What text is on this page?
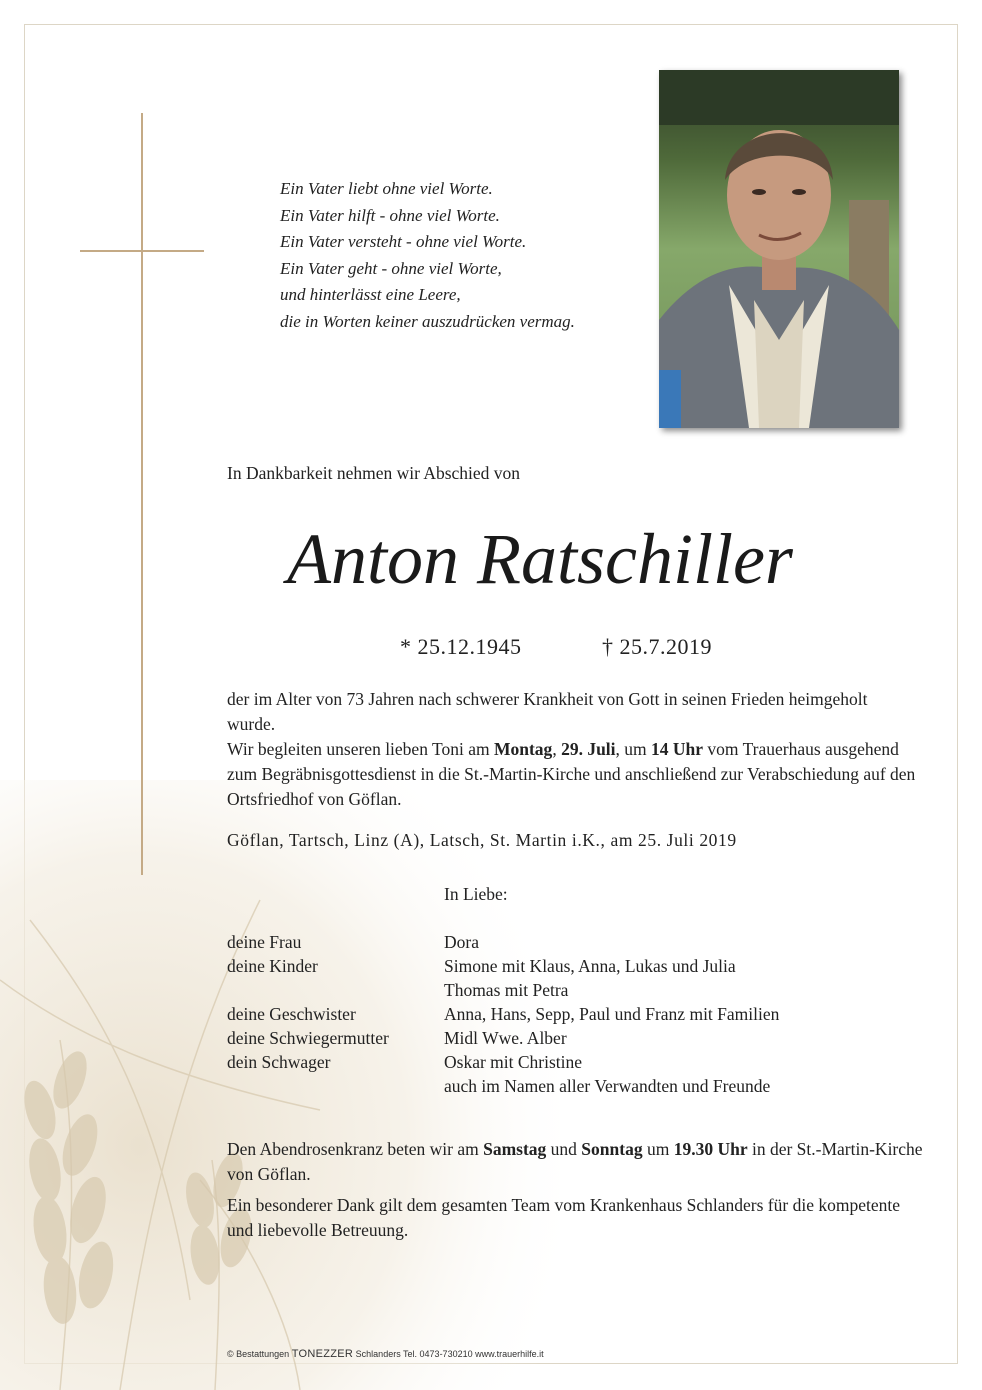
Ein Vater liebt ohne viel Worte.
Ein Vater hilft - ohne viel Worte.
Ein Vater versteht - ohne viel Worte.
Ein Vater geht - ohne viel Worte,
und hinterlässt eine Leere,
die in Worten keiner auszudrücken vermag.
In Dankbarkeit nehmen wir Abschied von
Anton Ratschiller
* 25.12.1945	† 25.7.2019

der im Alter von 73 Jahren nach schwerer Krankheit von Gott in seinen Frieden heimgeholt wurde.

Wir begleiten unseren lieben Toni am Montag, 29. Juli, um 14 Uhr vom Trauerhaus ausgehend zum Begräbnisgottesdienst in die St.-Martin-Kirche und anschließend zur Verabschiedung auf den Ortsfriedhof von Göflan.

Göflan, Tartsch, Linz (A), Latsch, St. Martin i.K., am 25. Juli 2019
In Liebe:
deine Frau	Dora
deine Kinder	Simone mit Klaus, Anna, Lukas und Julia
Thomas mit Petra
deine Geschwister	Anna, Hans, Sepp, Paul und Franz mit Familien
deine Schwiegermutter	Midl Wwe. Alber
dein Schwager	Oskar mit Christine
auch im Namen aller Verwandten und Freunde

Den Abendrosenkranz beten wir am Samstag und Sonntag um 19.30 Uhr in der St.-Martin-Kirche von Göflan.

Ein besonderer Dank gilt dem gesamten Team vom Krankenhaus Schlanders für die kompetente und liebevolle Betreuung.

© Bestattungen TONEZZER Schlanders Tel. 0473-730210 www.trauerhilfe.it
